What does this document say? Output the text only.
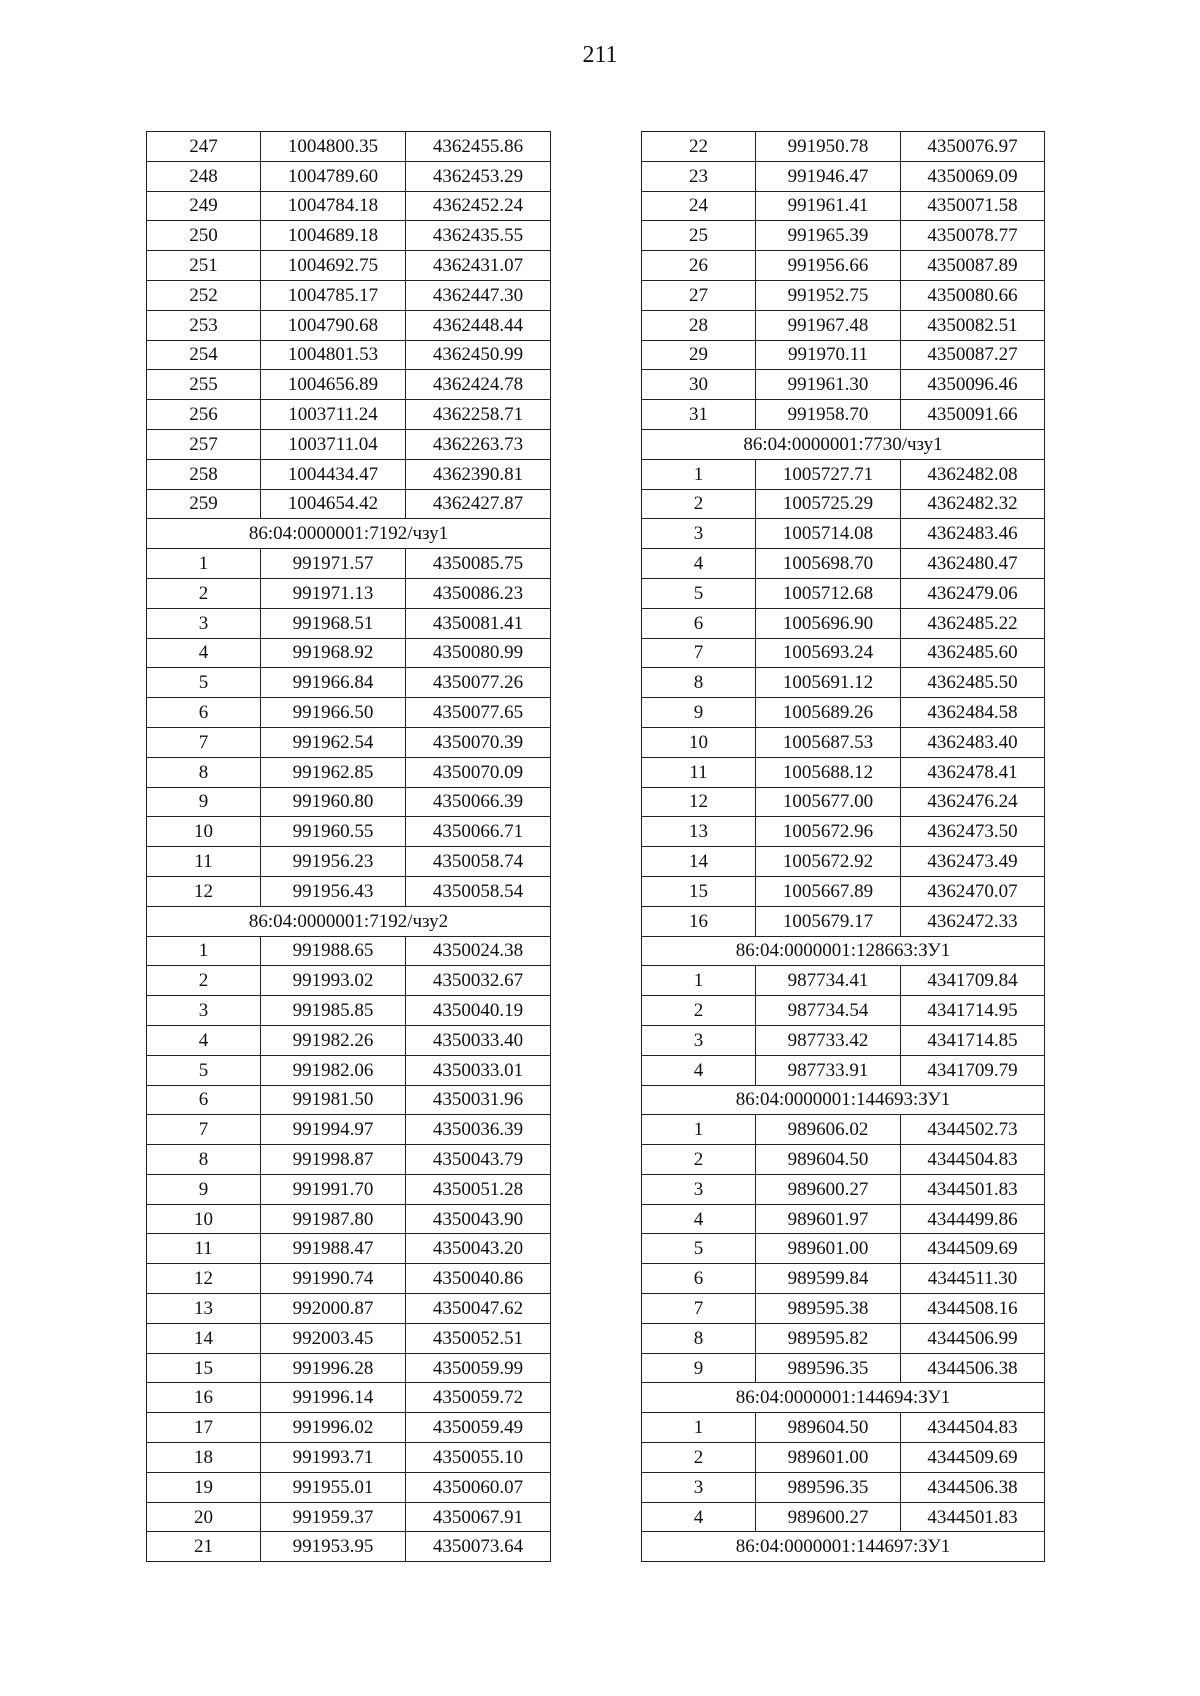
211
247	1004800.35	4362455.86
248	1004789.60	4362453.29
249	1004784.18	4362452.24
250	1004689.18	4362435.55
251	1004692.75	4362431.07
252	1004785.17	4362447.30
253	1004790.68	4362448.44
254	1004801.53	4362450.99
255	1004656.89	4362424.78
256	1003711.24	4362258.71
257	1003711.04	4362263.73
258	1004434.47	4362390.81
259	1004654.42	4362427.87
86:04:0000001:7192/чзу1		
1	991971.57	4350085.75
2	991971.13	4350086.23
3	991968.51	4350081.41
4	991968.92	4350080.99
5	991966.84	4350077.26
6	991966.50	4350077.65
7	991962.54	4350070.39
8	991962.85	4350070.09
9	991960.80	4350066.39
10	991960.55	4350066.71
11	991956.23	4350058.74
12	991956.43	4350058.54
86:04:0000001:7192/чзу2		
1	991988.65	4350024.38
2	991993.02	4350032.67
3	991985.85	4350040.19
4	991982.26	4350033.40
5	991982.06	4350033.01
6	991981.50	4350031.96
7	991994.97	4350036.39
8	991998.87	4350043.79
9	991991.70	4350051.28
10	991987.80	4350043.90
11	991988.47	4350043.20
12	991990.74	4350040.86
13	992000.87	4350047.62
14	992003.45	4350052.51
15	991996.28	4350059.99
16	991996.14	4350059.72
17	991996.02	4350059.49
18	991993.71	4350055.10
19	991955.01	4350060.07
20	991959.37	4350067.91
21	991953.95	4350073.64
22	991950.78	4350076.97
23	991946.47	4350069.09
24	991961.41	4350071.58
25	991965.39	4350078.77
26	991956.66	4350087.89
27	991952.75	4350080.66
28	991967.48	4350082.51
29	991970.11	4350087.27
30	991961.30	4350096.46
31	991958.70	4350091.66
86:04:0000001:7730/чзу1		
1	1005727.71	4362482.08
2	1005725.29	4362482.32
3	1005714.08	4362483.46
4	1005698.70	4362480.47
5	1005712.68	4362479.06
6	1005696.90	4362485.22
7	1005693.24	4362485.60
8	1005691.12	4362485.50
9	1005689.26	4362484.58
10	1005687.53	4362483.40
11	1005688.12	4362478.41
12	1005677.00	4362476.24
13	1005672.96	4362473.50
14	1005672.92	4362473.49
15	1005667.89	4362470.07
16	1005679.17	4362472.33
86:04:0000001:128663:ЗУ1		
1	987734.41	4341709.84
2	987734.54	4341714.95
3	987733.42	4341714.85
4	987733.91	4341709.79
86:04:0000001:144693:ЗУ1		
1	989606.02	4344502.73
2	989604.50	4344504.83
3	989600.27	4344501.83
4	989601.97	4344499.86
5	989601.00	4344509.69
6	989599.84	4344511.30
7	989595.38	4344508.16
8	989595.82	4344506.99
9	989596.35	4344506.38
86:04:0000001:144694:ЗУ1		
1	989604.50	4344504.83
2	989601.00	4344509.69
3	989596.35	4344506.38
4	989600.27	4344501.83
86:04:0000001:144697:ЗУ1		
